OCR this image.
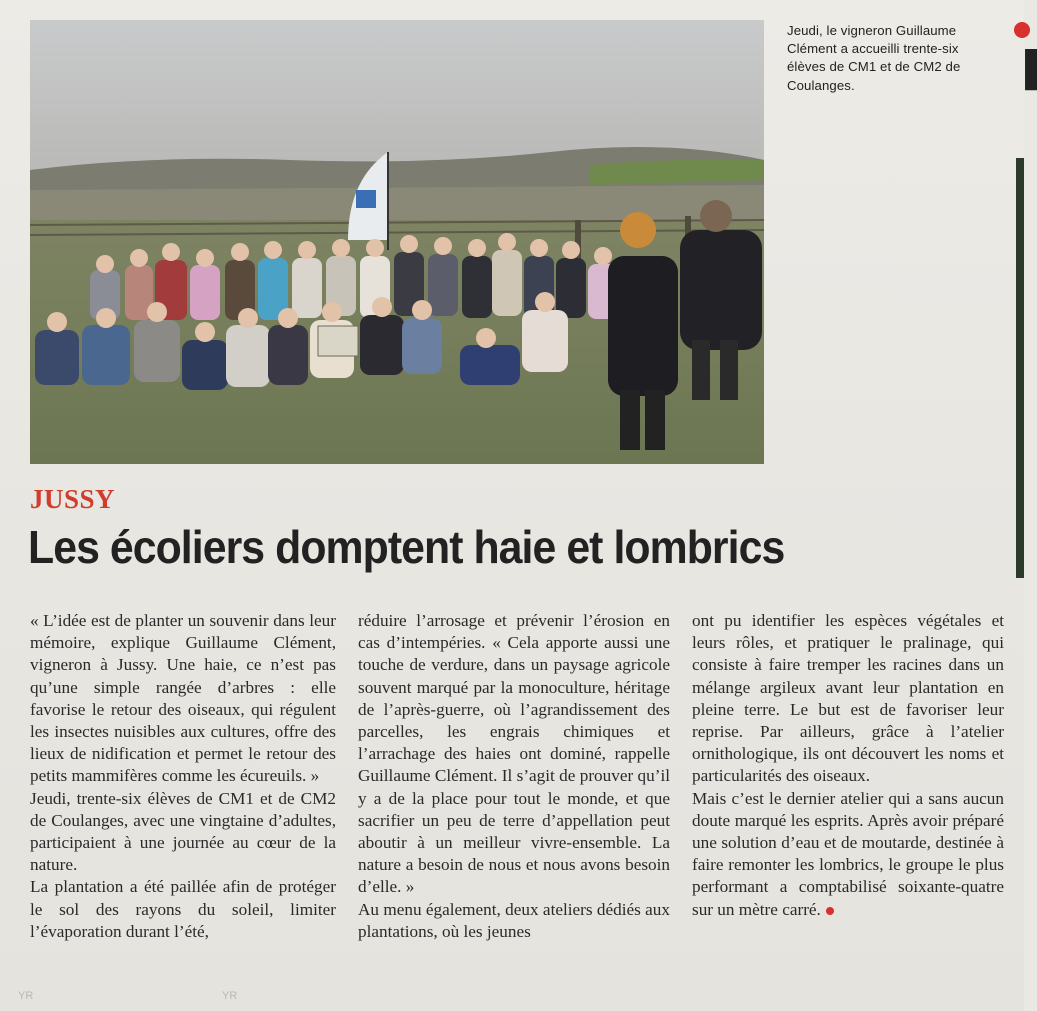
Jeudi, le vigneron Guillaume Clément a accueilli trente-six élèves de CM1 et de CM2 de Coulanges.	▐
JUSSY
Les écoliers domptent haie et lombrics

« L’idée est de planter un souvenir dans leur mémoire, explique Guillaume Clément, vigneron à Jussy. Une haie, ce n’est pas qu’une simple rangée d’arbres : elle favorise le retour des oiseaux, qui régulent les insectes nuisibles aux cultures, offre des lieux de nidification et permet le retour des petits mammifères comme les écureuils. »

Jeudi, trente-six élèves de CM1 et de CM2 de Coulanges, avec une vingtaine d’adultes, participaient à une journée au cœur de la nature.

La plantation a été paillée afin de protéger le sol des rayons du soleil, limiter l’évaporation durant l’été,

réduire l’arrosage et prévenir l’érosion en cas d’intempéries. « Cela apporte aussi une touche de verdure, dans un paysage agricole souvent marqué par la monoculture, héritage de l’après-guerre, où l’agrandissement des parcelles, les engrais chimiques et l’arrachage des haies ont dominé, rappelle Guillaume Clément. Il s’agit de prouver qu’il y a de la place pour tout le monde, et que sacrifier un peu de terre d’appellation peut aboutir à un meilleur vivre-ensemble. La nature a besoin de nous et nous avons besoin d’elle. »

Au menu également, deux ateliers dédiés aux plantations, où les jeunes

ont pu identifier les espèces végétales et leurs rôles, et pratiquer le pralinage, qui consiste à faire tremper les racines dans un mélange argileux avant leur plantation en pleine terre. Le but est de favoriser leur reprise. Par ailleurs, grâce à l’atelier ornithologique, ils ont découvert les noms et particularités des oiseaux.

Mais c’est le dernier atelier qui a sans aucun doute marqué les esprits. Après avoir préparé une solution d’eau et de moutarde, destinée à faire remonter les lombrics, le groupe le plus performant a comptabilisé soixante-quatre sur un mètre carré.

YR	YR
